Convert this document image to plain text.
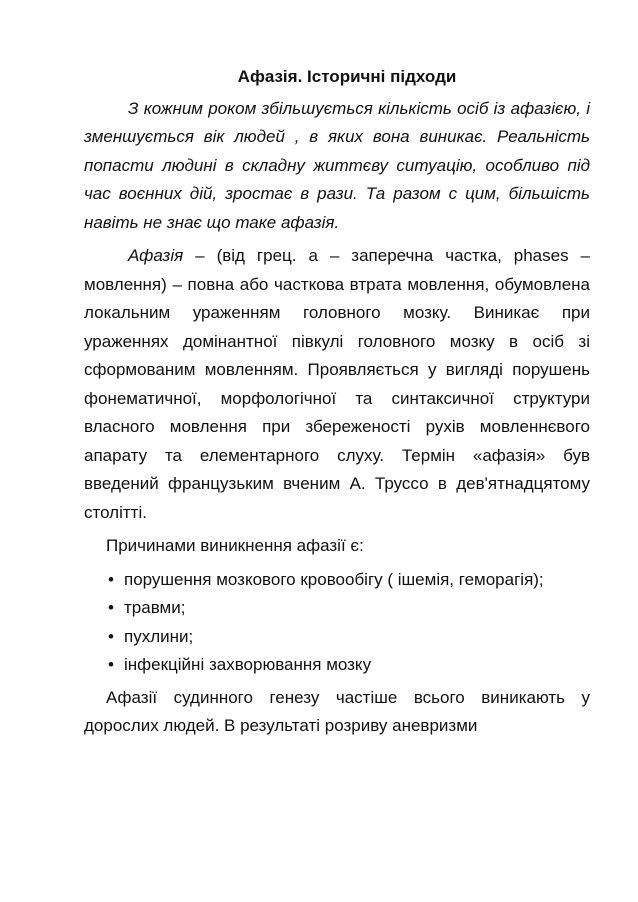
Афазія. Історичні підходи

З кожним роком збільшується кількість осіб із афазією, і зменшується вік людей , в яких вона виникає. Реальність попасти людині в складну життєву ситуацію, особливо під час воєнних дій, зростає в рази. Та разом с цим, більшість навіть не знає що таке афазія.

Афазія – (від грец. а – заперечна частка, phases – мовлення) – повна або часткова втрата мовлення, обумовлена локальним ураженням головного мозку. Виникає при ураженнях домінантної півкулі головного мозку в осіб зі сформованим мовленням. Проявляється у вигляді порушень фонематичної, морфологічної та синтаксичної структури власного мовлення при збереженості рухів мовленнєвого апарату та елементарного слуху. Термін «афазія» був введений французьким вченим А. Труссо в дев'ятнадцятому столітті.

Причинами виникнення афазії є:

• порушення мозкового кровообігу ( ішемія, геморагія);
• травми;
• пухлини;
• інфекційні захворювання мозку

Афазії судинного генезу частіше всього виникають у дорослих людей. В результаті розриву аневризми
